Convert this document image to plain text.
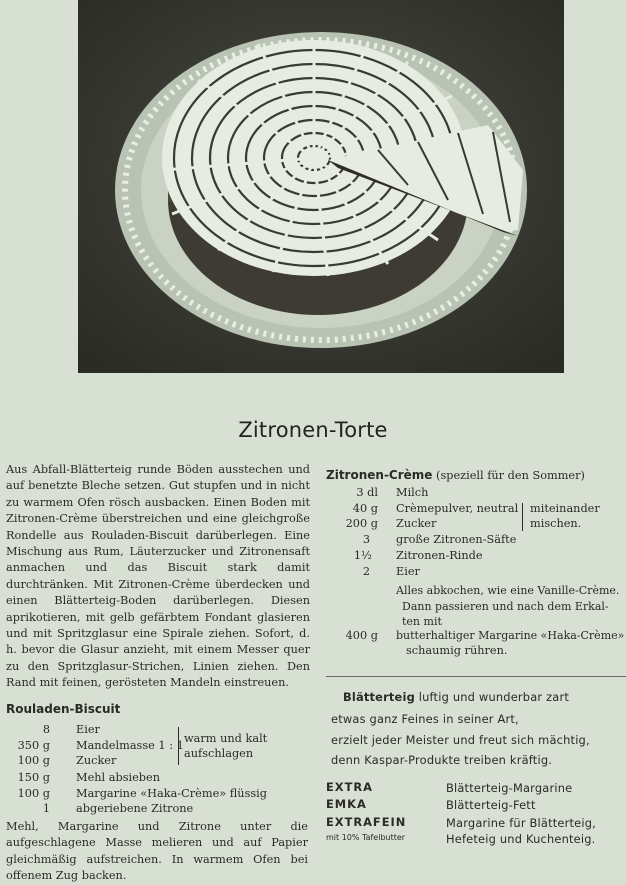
Zitronen-Torte

Aus Abfall-Blätterteig runde Böden ausstechen und auf benetzte Bleche setzen. Gut stupfen und in nicht zu warmem Ofen rösch ausbacken. Einen Boden mit Zitronen-Crème überstreichen und eine gleichgroße Rondelle aus Rouladen-Biscuit darüberlegen. Eine Mischung aus Rum, Läuterzucker und Zitronensaft anmachen und das Biscuit stark damit durchtränken. Mit Zitronen-Crème überdecken und einen Blätterteig-Boden darüberlegen. Diesen aprikotieren, mit gelb gefärbtem Fondant glasieren und mit Spritzglasur eine Spirale ziehen. Sofort, d. h. bevor die Glasur anzieht, mit einem Messer quer zu den Spritzglasur-Strichen, Linien ziehen. Den Rand mit feinen, gerösteten Mandeln einstreuen.

Rouladen-Biscuit
8 Eier
350 g Mandelmasse 1 : 1
100 g Zucker
warm und kalt
aufschlagen
150 g Mehl absieben
100 g Margarine «Haka-Crème» flüssig
1 abgeriebene Zitrone

Mehl, Margarine und Zitrone unter die aufgeschlagene Masse melieren und auf Papier gleichmäßig aufstreichen. In warmem Ofen bei offenem Zug backen.

Zitronen-Crème (speziell für den Sommer)
3 dl Milch
40 g Crèmepulver, neutral
200 g Zucker
miteinander
mischen.
3 große Zitronen-Säfte
1½ Zitronen-Rinde
2 Eier
Alles abkochen, wie eine Vanille-Crème.
Dann passieren und nach dem Erkal-
ten mit
400 g butterhaltiger Margarine «Haka-Crème»
schaumig rühren.
Blätterteig luftig und wunderbar zart
etwas ganz Feines in seiner Art,
erzielt jeder Meister und freut sich mächtig,
denn Kaspar-Produkte treiben kräftig.
EXTRA	Blätterteig-Margarine
EMKA	Blätterteig-Fett
EXTRAFEIN	Margarine für Blätterteig,
mit 10% Tafelbutter	Hefeteig und Kuchenteig.
